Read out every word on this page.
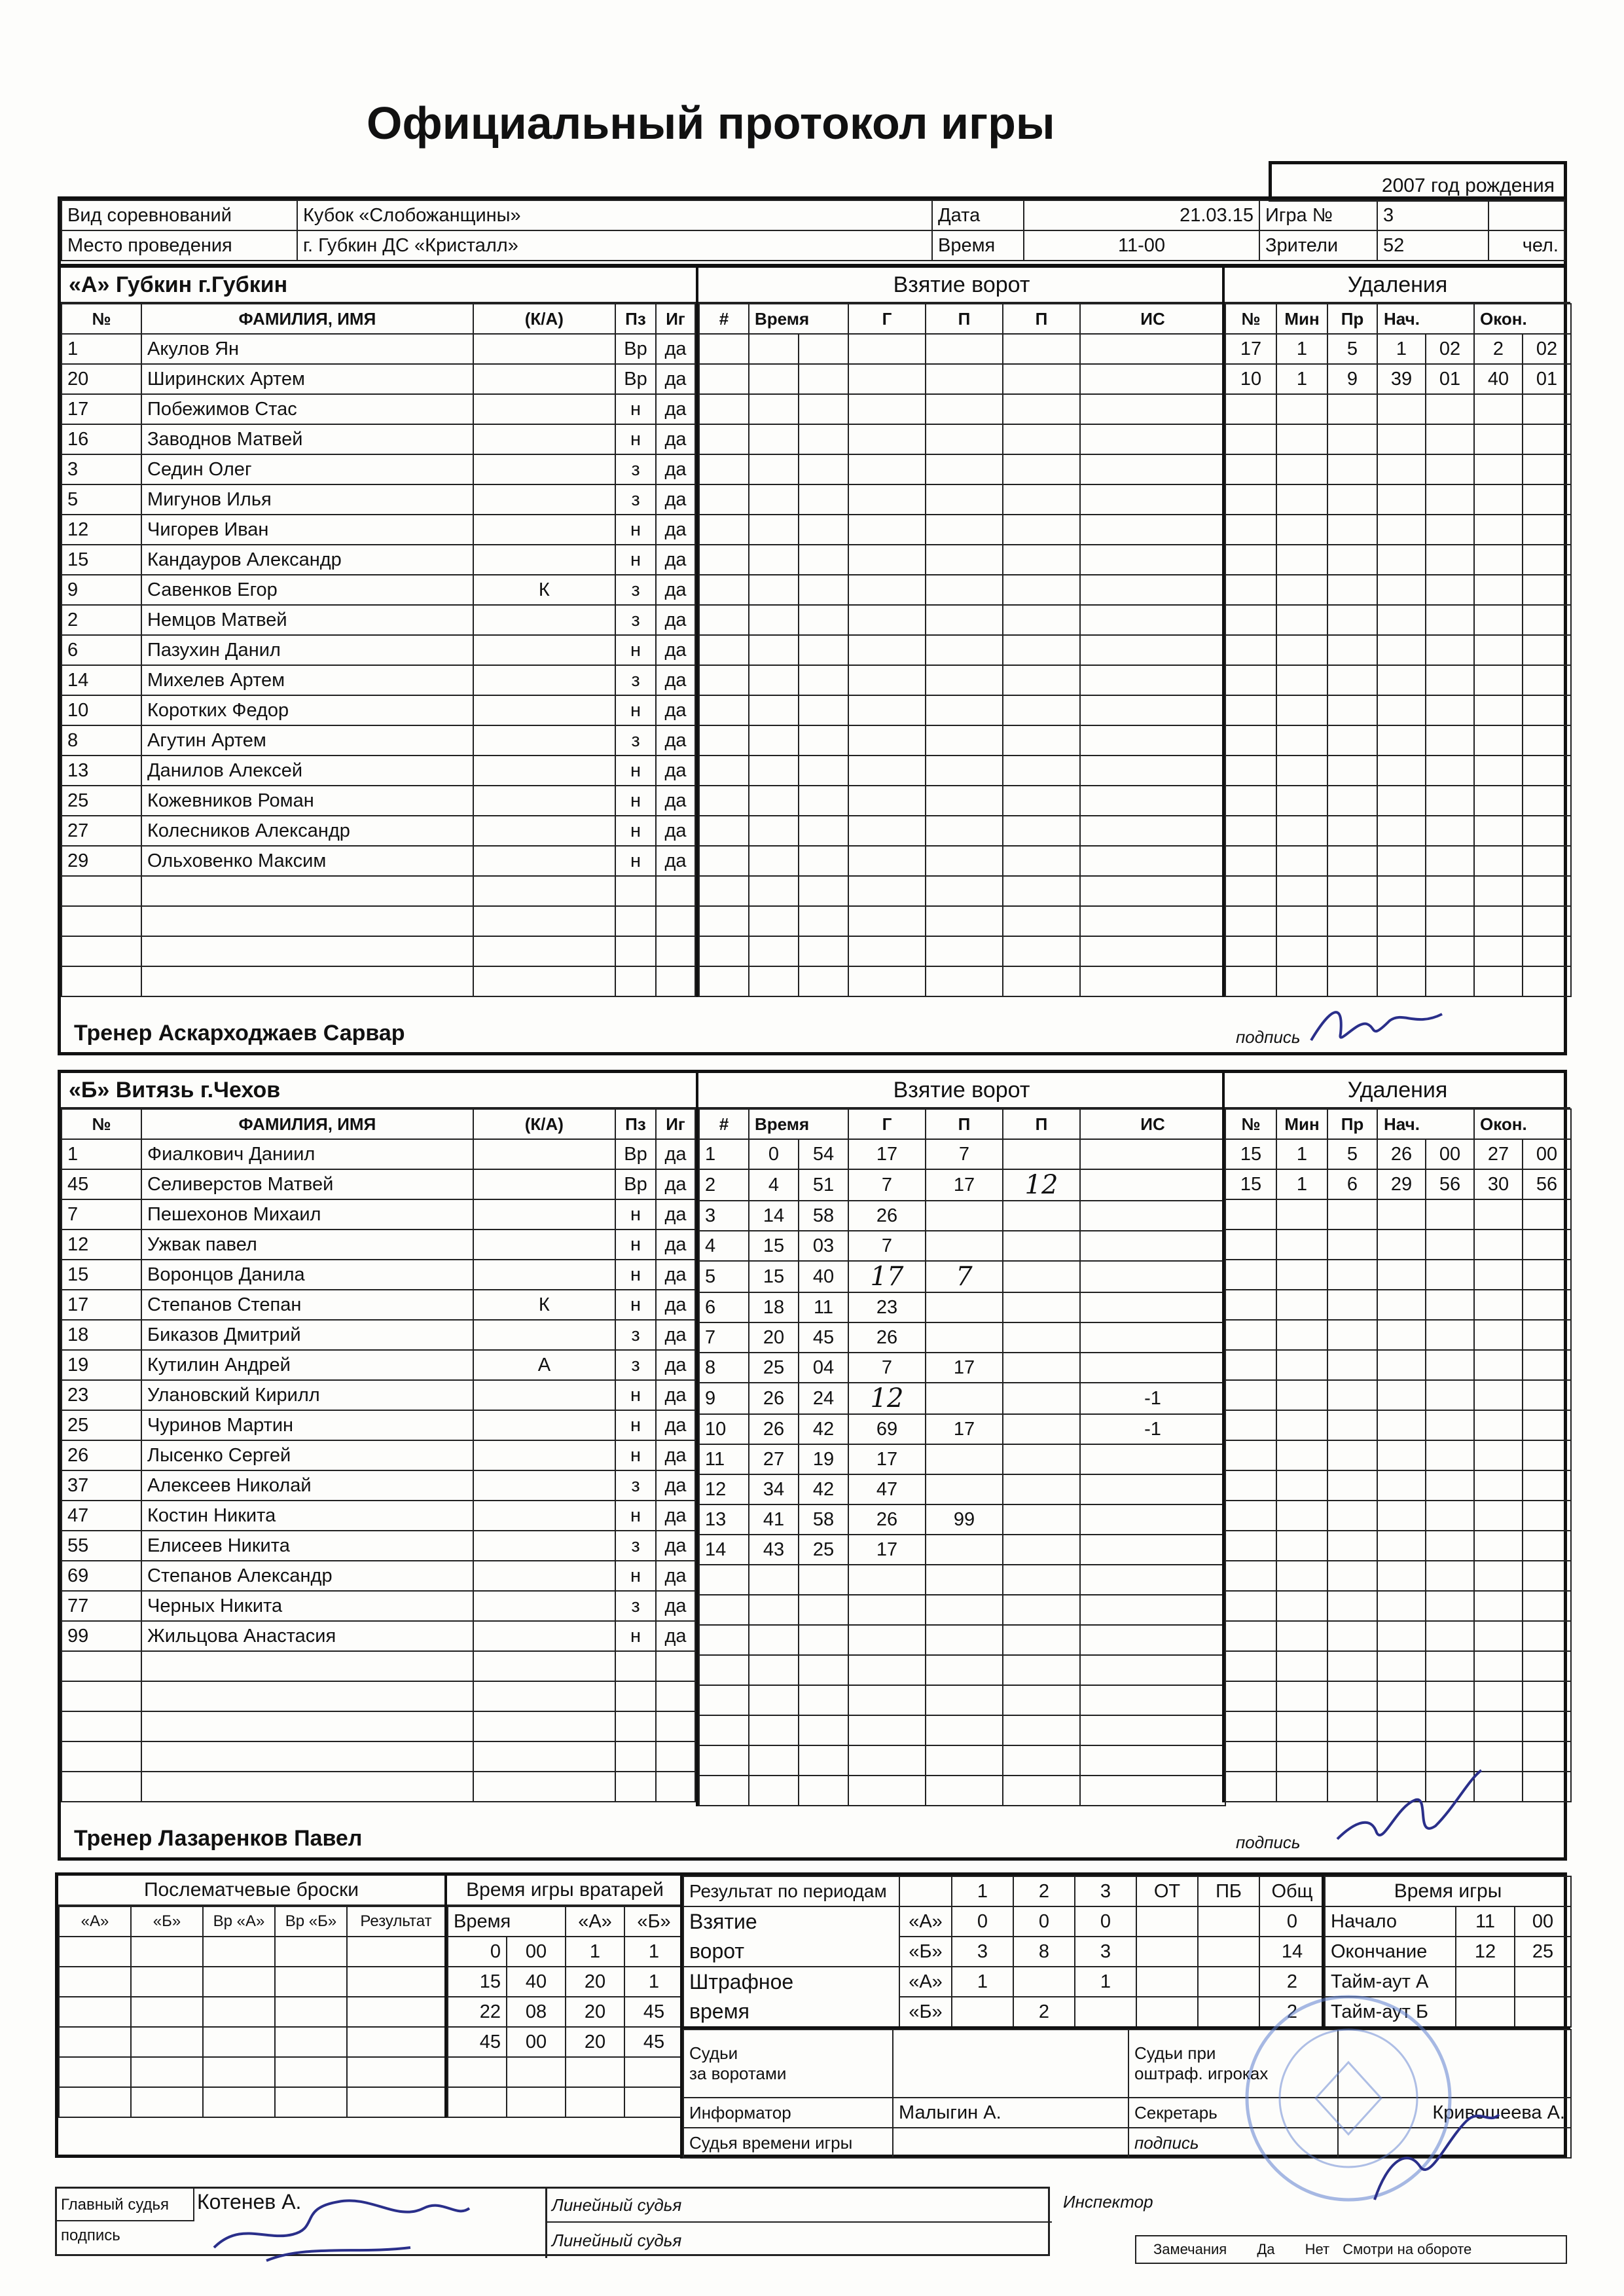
Официальный протокол игры
2007 год рождения
Вид соревнований	Кубок «Слобожанщины»	Дата	21.03.15	Игра №	3	
Место проведения	г. Губкин ДС «Кристалл»	Время	11-00	Зрители	52	чел.
«А» Губкин г.Губкин
№	ФАМИЛИЯ, ИМЯ	(К/А)	Пз	Иг
1	Акулов Ян		Вр	да
20	Ширинских Артем		Вр	да
17	Побежимов Стас		н	да
16	Заводнов Матвей		н	да
3	Седин Олег		з	да
5	Мигунов Илья		з	да
12	Чигорев Иван		н	да
15	Кандауров Александр		н	да
9	Савенков Егор	К	з	да
2	Немцов Матвей		з	да
6	Пазухин Данил		н	да
14	Михелев Артем		з	да
10	Коротких Федор		н	да
8	Агутин Артем		з	да
13	Данилов Алексей		н	да
25	Кожевников Роман		н	да
27	Колесников Александр		н	да
29	Ольховенко Максим		н	да

Взятие ворот
#	Время		Г	П	П	ИС

Удаления
№	Мин	Пр	Нач.		Окон.	
17	1	5	1	02	2	02
10	1	9	39	01	40	01

Тренер Аскарходжаев Сарвар	подпись
«Б» Витязь г.Чехов
№	ФАМИЛИЯ, ИМЯ	(К/А)	Пз	Иг
1	Фиалкович Даниил		Вр	да
45	Селиверстов Матвей		Вр	да
7	Пешехонов Михаил		н	да
12	Ужвак павел		н	да
15	Воронцов Данила		н	да
17	Степанов Степан	К	н	да
18	Биказов Дмитрий		з	да
19	Кутилин Андрей	А	з	да
23	Улановский Кирилл		н	да
25	Чуринов Мартин		н	да
26	Лысенко Сергей		н	да
37	Алексеев Николай		з	да
47	Костин Никита		н	да
55	Елисеев Никита		з	да
69	Степанов Александр		н	да
77	Черных Никита		з	да
99	Жильцова Анастасия		н	да

Взятие ворот
#	Время		Г	П	П	ИС
1	0	54	17	7		
2	4	51	7	17	12	
3	14	58	26			
4	15	03	7			
5	15	40	17	7		
6	18	11	23			
7	20	45	26			
8	25	04	7	17		
9	26	24	12			-1
10	26	42	69	17		-1
11	27	19	17			
12	34	42	47			
13	41	58	26	99		
14	43	25	17			

Удаления
№	Мин	Пр	Нач.		Окон.	
15	1	5	26	00	27	00
15	1	6	29	56	30	56

Тренер Лазаренков Павел	подпись
Послематчевые броски
«А»	«Б»	Вр «А»	Вр «Б»	Результат

Время игры вратарей
Время		«А»	«Б»
0	00	1	1
15	40	20	1
22	08	20	45
45	00	20	45

Результат по периодам		1	2	3	ОТ	ПБ	Общ
Взятие	«А»	0	0	0			0
ворот	«Б»	3	8	3			14
Штрафное	«А»	1		1			2
время	«Б»		2				2
Время игры		
Начало	11	00
Окончание	12	25
Тайм-аут А		
Тайм-аут Б		
Судьи
за воротами		Судьи при
оштраф. игроках	
Информатор	Малыгин А.	Секретарь	Кривошеева А.
Судья времени игры		подпись	
Главный судья	Котенев А.
подпись
Линейный судья
Линейный судья
Инспектор
Замечания Да Нет Смотри на обороте
